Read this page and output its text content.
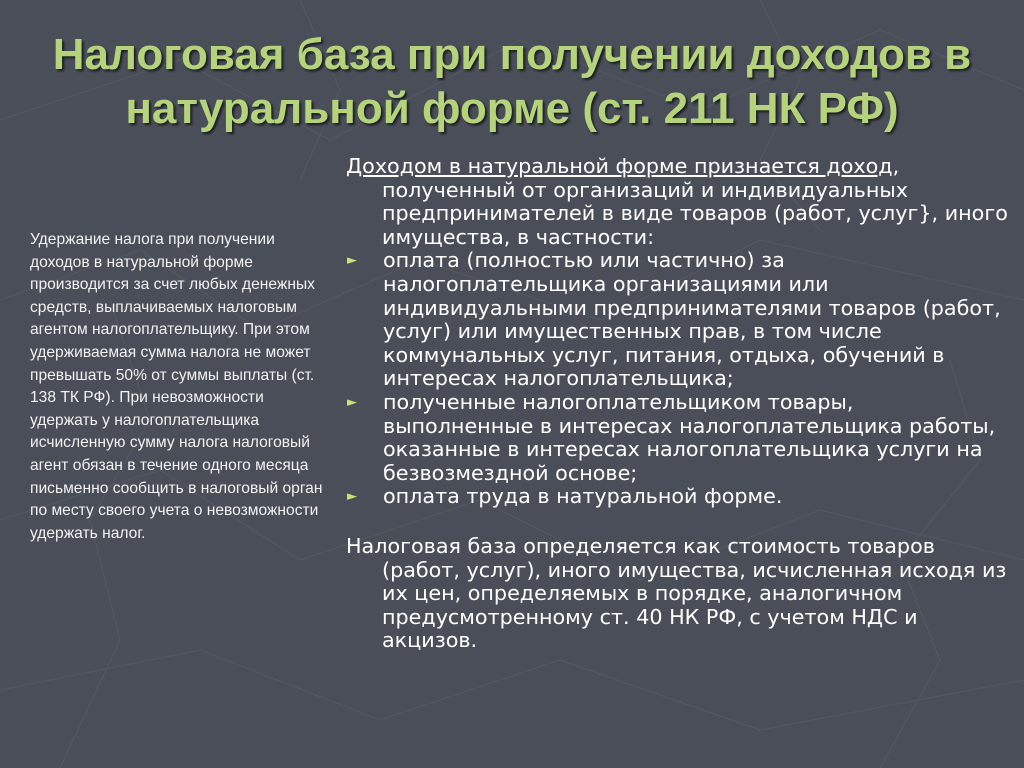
Налоговая база при получении доходов в натуральной форме (ст. 211 НК РФ)

Удержание налога при получении доходов в натуральной форме производится за счет любых денежных средств, выплачиваемых налоговым агентом налогоплательщику. При этом удерживаемая сумма налога не может превышать 50% от суммы выплаты (ст. 138 ТК РФ). При невозможности удержать у налогоплательщика исчисленную сумму налога налоговый агент обязан в течение одного месяца письменно сообщить в налоговый орган по месту своего учета о невозможности удержать налог.

Доходом в натуральной форме признается доход, полученный от организаций и индивидуальных предпринимателей в виде товаров (работ, услуг}, иного имущества, в частности:

► оплата (полностью или частично) за налогоплательщика организациями или индивидуальными предпринимателями товаров (работ, услуг) или имущественных прав, в том числе коммунальных услуг, питания, отдыха, обучений в интересах налогоплательщика;
► полученные налогоплательщиком товары, выполненные в интересах налогоплательщика работы, оказанные в интересах налогоплательщика услуги на безвозмездной основе;
► оплата труда в натуральной форме.

Налоговая база определяется как стоимость товаров (работ, услуг), иного имущества, исчисленная исходя из их цен, определяемых в порядке, аналогичном предусмотренному ст. 40 НК РФ, с учетом НДС и акцизов.
